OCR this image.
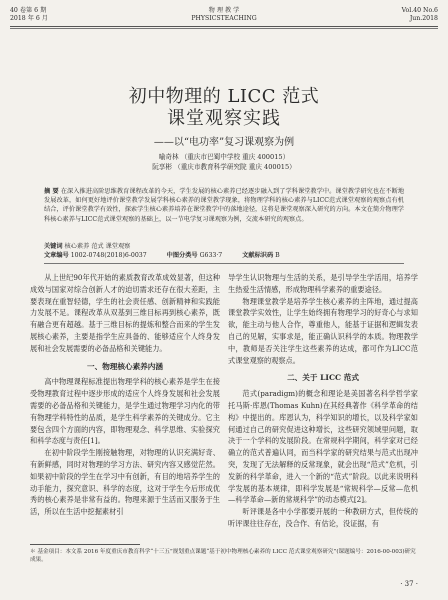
40 卷第 6 期
2018 年 6 月
物 理 教 学
PHYSICSTEACHING
Vol.40 No.6
Jun.2018
初中物理的 LICC 范式
课堂观察实践
——以“电功率”复习课观察为例
喻奇林 （重庆市巴蜀中学校 重庆 400015）
阮享彬 （重庆市教育科学研究院 重庆 400015）
摘 要 在深入推进高阶思维教育课程改革的今天，学生发展的核心素养已经逐步融入到了学科课堂教学中。课堂教学研究也在不断地发展改革，如何更好地评价课堂教学发展学科核心素养的课堂教学现象，将物理学科的核心素养与LICC范式课堂观察的观察点有机结合，评价课堂教学有效性，探索学生核心素养培养在课堂教学中的落地途径，这将是课堂观察深入研究的方向。本文在简介物理学科核心素养与LICC范式课堂观察的基础上，以一节电学复习课观察为例，交流本研究的观察点。
关键词 核心素养 范式 课堂观察
文章编号 1002-0748(2018)6-0037	中图分类号 G633·7	文献标识码 B

从上世纪90年代开始的素质教育改革成效显著，但这种成效与国家对综合创新人才的迫切需求还存在很大差距，主要表现在重智轻德，学生的社会责任感、创新精神和实践能力发展不足。课程改革从双基到三维目标再到核心素养，既有融合更有超越。基于三维目标的提炼和整合而来的学生发展核心素养，主要是指学生应具备的、能够适应个人终身发展和社会发展需要的必备品格和关键能力。

一、物理核心素养内涵

高中物理课程标准提出物理学科的核心素养是学生在接受物理教育过程中逐步形成的适应个人终身发展和社会发展需要的必备品格和关键能力，是学生通过物理学习内化的带有物理学科特性的品质，是学生科学素养的关键成分。它主要包含四个方面的内容，即物理观念、科学思维、实验探究和科学态度与责任[1]。

在初中阶段学生刚接触物理，对物理的认识充满好奇、有新鲜感，同时对物理的学习方法、研究内容又感觉茫然。如果初中阶段的学生在学习中有创新，有目的地培养学生的动手能力，探究意识、科学的态度，这对于学生今后形成优秀的核心素养是非常有益的。物理来源于生活而又服务于生活，所以在生活中挖掘素材引

导学生认识物理与生活的关系，是引导学生学活用，培养学生热爱生活情感，形成物理科学素养的重要途径。

物理课堂教学是培养学生核心素养的主阵地，通过提高课堂教学实效性，让学生始终拥有物理学习的好奇心与求知欲，能主动与他人合作，尊重他人，能基于证据和逻辑发表自己的见解，实事求是，能正确认识科学的本质。物理教学中，教师是否关注学生这些素养的达成，都可作为LICC范式课堂观察的观察点。

二、关于 LICC 范式

范式(paradigm)的概念和理论是美国著名科学哲学家托马斯·库恩(Thomas Kuhn)在其经典著作《科学革命的结构》中提出的。库恩认为，科学知识的增长，以及科学家如何通过自己的研究促进这种增长，这些研究领域里问题，取决于一个学科的发展阶段。在常规科学期间，科学家对已经确立的范式普遍认同，而当科学家的研究结果与范式出现冲突，发现了无法解释的反常现象，就会出现“范式”危机，引发新的科学革命，进入一个新的“范式”阶段。以此来说明科学发展的基本规律，即科学发展是“常规科学—反常—危机—科学革命—新的常规科学”的动态模式[2]。

听评课是各中小学都要开展的一种教研方式，但传统的听评课往往存在，没合作、有估论，没证据，有

＊ 基金项目：本文系 2016 年度重庆市教育科学“十三五”规划重点课题“基于初中物理核心素养的 LICC 范式课堂观察研究”(课题编号：2016-00-003)研究成果。
· 37 ·
